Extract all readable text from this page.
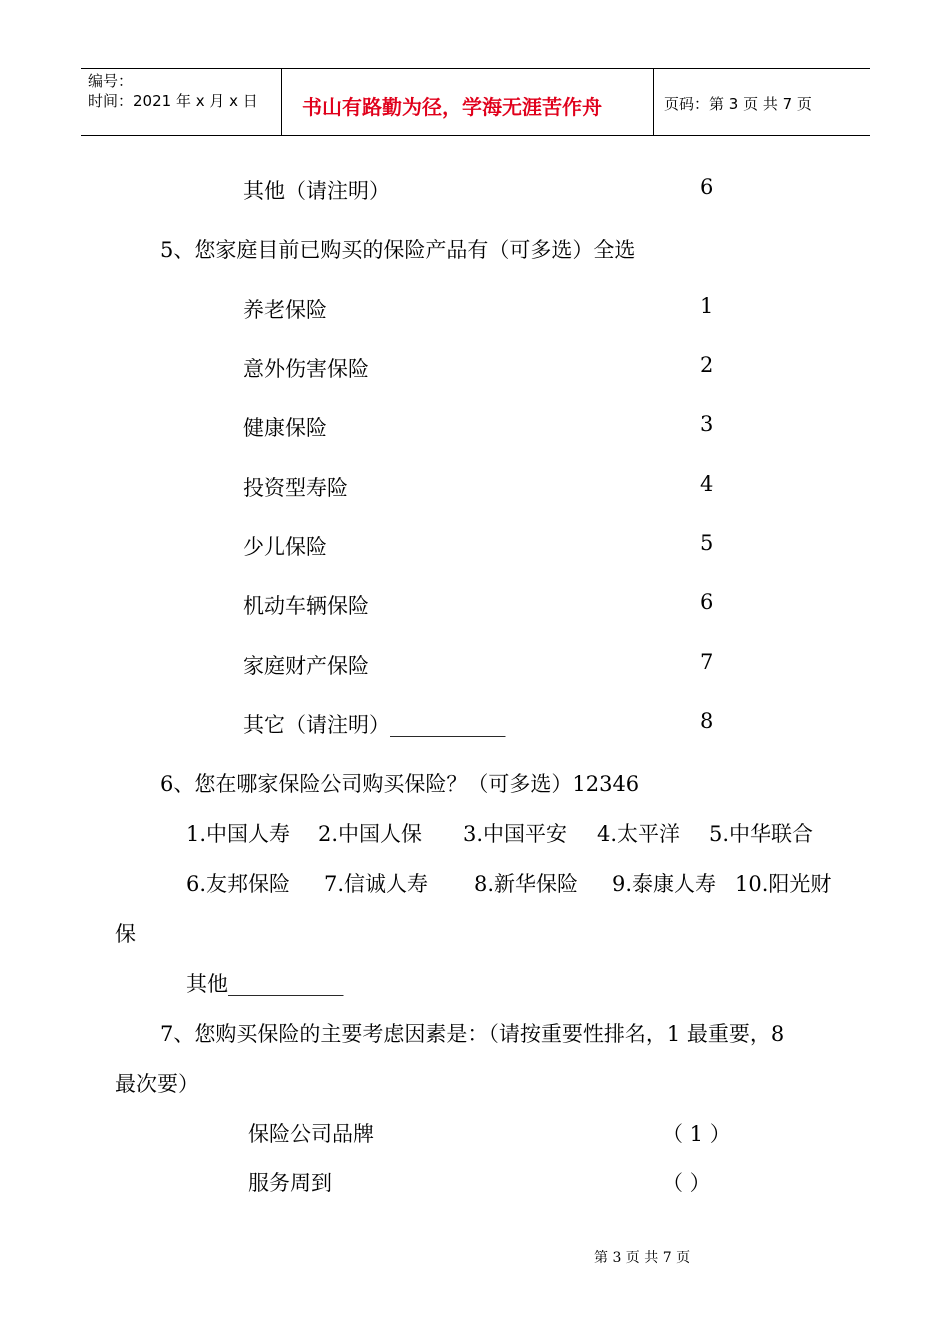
编号：
时间：2021 年 x 月 x 日 书山有路勤为径，学海无涯苦作舟	页码：第 3 页 共 7 页
其他（请注明）	6
5、您家庭目前已购买的保险产品有（可多选）全选
养老保险	1
意外伤害保险	2
健康保险	3
投资型寿险	4
少儿保险	5
机动车辆保险	6
家庭财产保险	7
其它（请注明）___________	8
6、您在哪家保险公司购买保险？（可多选）12346
1.中国人寿 2.中国人保 3.中国平安 4.太平洋 5.中华联合
6.友邦保险 7.信诚人寿 8.新华保险 9.泰康人寿 10.阳光财
保
其他___________
7、您购买保险的主要考虑因素是：（请按重要性排名，1 最重要，8
最次要）
保险公司品牌	（ 1 ）
服务周到	（ ）
第 3 页 共 7 页
